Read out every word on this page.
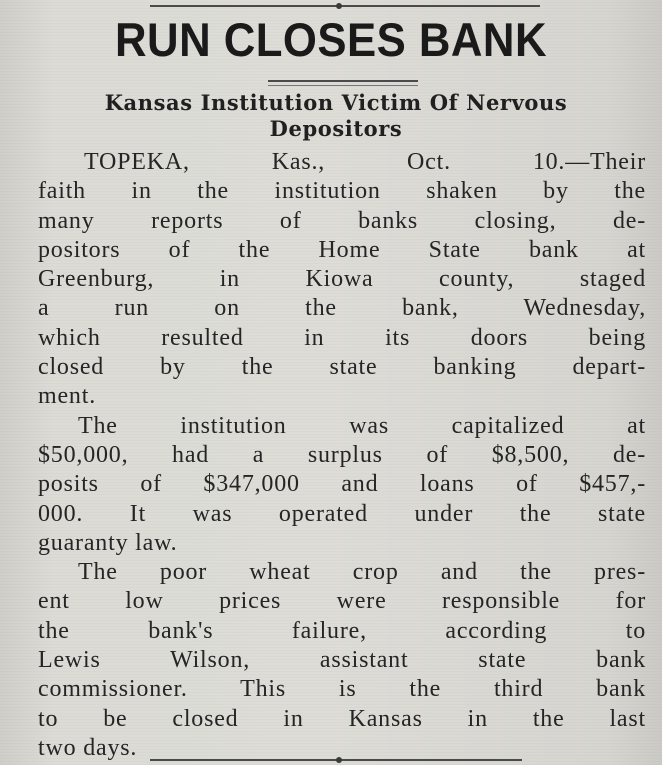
RUN CLOSES BANK
Kansas Institution Victim Of Nervous
Depositors
TOPEKA, Kas., Oct. 10.—Their
faith in the institution shaken by the
many reports of banks closing, de-
positors of the Home State bank at
Greenburg, in Kiowa county, staged
a run on the bank, Wednesday,
which resulted in its doors being
closed by the state banking depart-
ment.
The institution was capitalized at
$50,000, had a surplus of $8,500, de-
posits of $347,000 and loans of $457,-
000. It was operated under the state
guaranty law.
The poor wheat crop and the pres-
ent low prices were responsible for
the bank's failure, according to
Lewis Wilson, assistant state bank
commissioner. This is the third bank
to be closed in Kansas in the last
two days.
